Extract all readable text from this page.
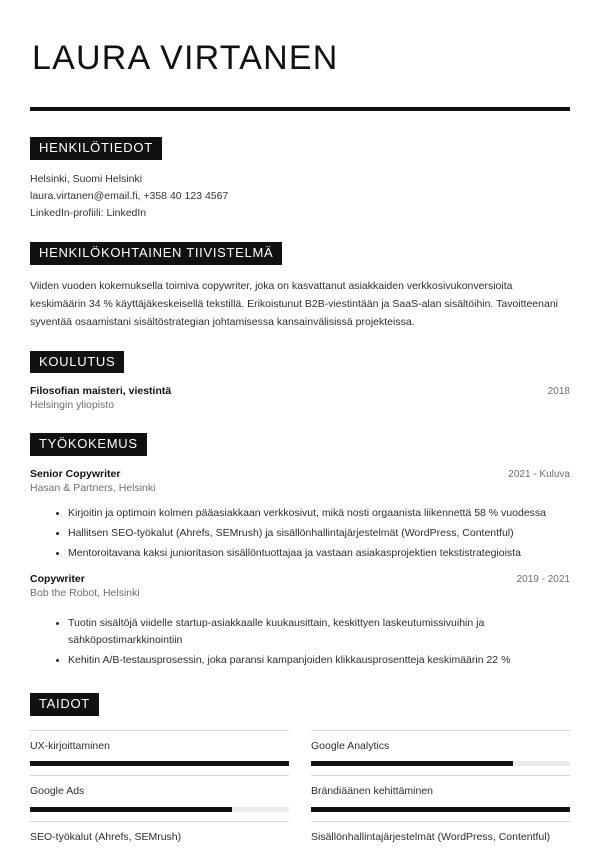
LAURA VIRTANEN
HENKILÖTIEDOT
Helsinki, Suomi Helsinki
laura.virtanen@email.fi, +358 40 123 4567
LinkedIn-profiili: LinkedIn
HENKILÖKOHTAINEN TIIVISTELMÄ

Viiden vuoden kokemuksella toimiva copywriter, joka on kasvattanut asiakkaiden verkkosivukonversioita keskimäärin 34 % käyttäjäkeskeisellä tekstillä. Erikoistunut B2B-viestintään ja SaaS-alan sisältöihin. Tavoitteenani syventää osaamistani sisältöstrategian johtamisessa kansainvälisissä projekteissa.

KOULUTUS
Filosofian maisteri, viestintä	2018
Helsingin yliopisto
TYÖKOKEMUS
Senior Copywriter	2021 - Kuluva
Hasan & Partners, Helsinki
Kirjoitin ja optimoin kolmen pääasiakkaan verkkosivut, mikä nosti orgaanista liikennettä 58 % vuodessa
Hallitsen SEO-työkalut (Ahrefs, SEMrush) ja sisällönhallintajärjestelmät (WordPress, Contentful)
Mentoroitavana kaksi junioritason sisällöntuottajaa ja vastaan asiakasprojektien tekstistrategioista
Copywriter	2019 - 2021
Bob the Robot, Helsinki
Tuotin sisältöjä viidelle startup-asiakkaalle kuukausittain, keskittyen laskeutumissivuihin ja sähköpostimarkkinointiin
Kehitin A/B-testausprosessin, joka paransi kampanjoiden klikkausprosentteja keskimäärin 22 %
TAIDOT
UX-kirjoittaminen	Google Analytics
Google Ads	Brändiäänen kehittäminen
SEO-työkalut (Ahrefs, SEMrush)	Sisällönhallintajärjestelmät (WordPress, Contentful)
